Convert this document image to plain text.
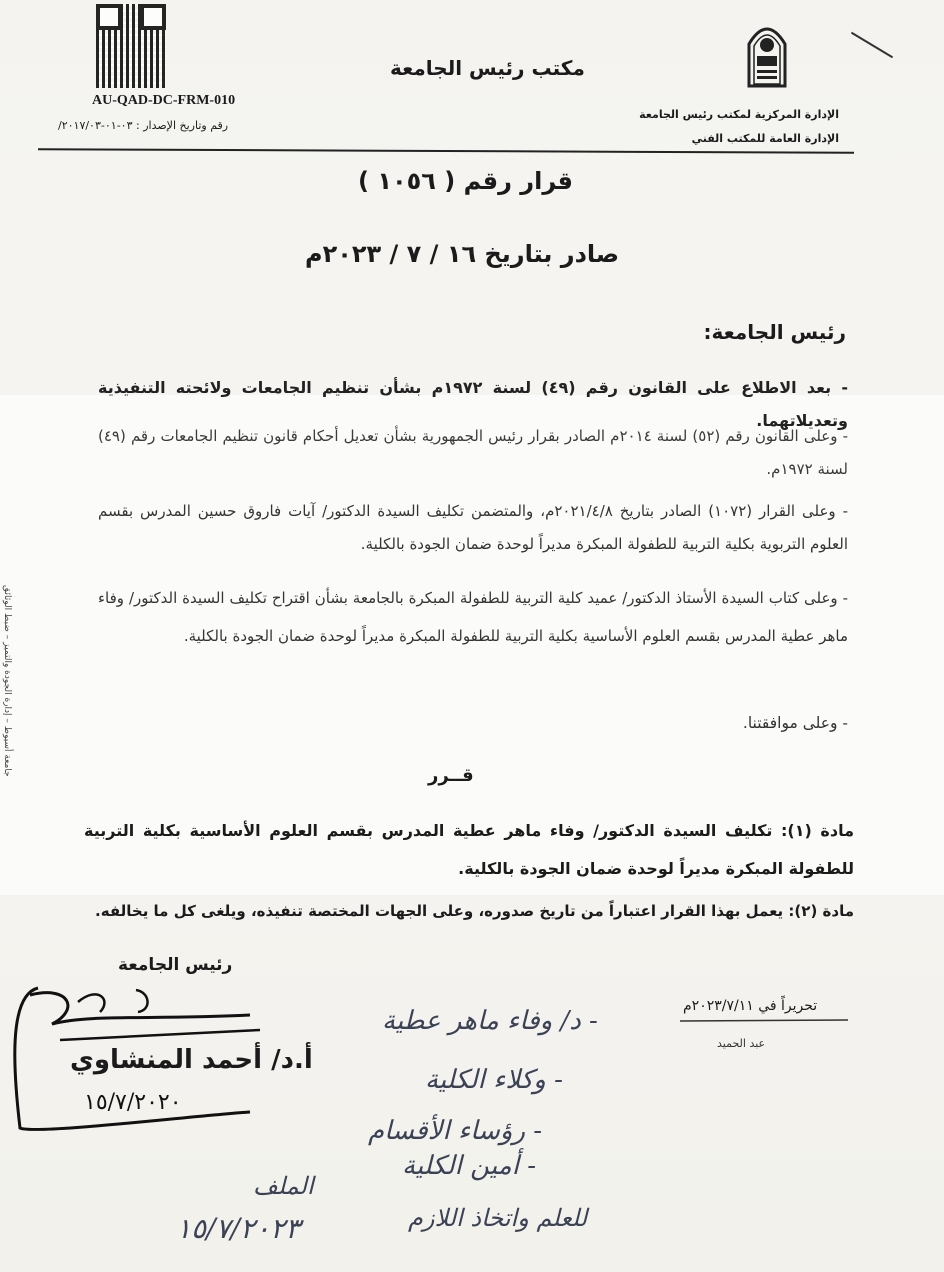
AU-QAD-DC-FRM-010
رقم وتاريخ الإصدار : ٠٣-٠١-٢٠١٧/٠٣/
مكتب رئيس الجامعة
الإدارة المركزية لمكتب رئيس الجامعة
الإدارة العامة للمكتب الفني
قرار رقم ( ١٠٥٦ )
صادر بتاريخ ١٦ / ٧ / ٢٠٢٣م
رئيس الجامعة:
- بعد الاطلاع على القانون رقم (٤٩) لسنة ١٩٧٢م بشأن تنظيم الجامعات ولائحته التنفيذية وتعديلاتهما.
- وعلى القانون رقم (٥٢) لسنة ٢٠١٤م الصادر بقرار رئيس الجمهورية بشأن تعديل أحكام قانون تنظيم الجامعات رقم (٤٩) لسنة ١٩٧٢م.
- وعلى القرار (١٠٧٢) الصادر بتاريخ ٢٠٢١/٤/٨م، والمتضمن تكليف السيدة الدكتور/ آيات فاروق حسين المدرس بقسم العلوم التربوية بكلية التربية للطفولة المبكرة مديراً لوحدة ضمان الجودة بالكلية.
- وعلى كتاب السيدة الأستاذ الدكتور/ عميد كلية التربية للطفولة المبكرة بالجامعة بشأن اقتراح تكليف السيدة الدكتور/ وفاء ماهر عطية المدرس بقسم العلوم الأساسية بكلية التربية للطفولة المبكرة مديراً لوحدة ضمان الجودة بالكلية.
- وعلى موافقتنا.
قــرر
مادة (١): تكليف السيدة الدكتور/ وفاء ماهر عطية المدرس بقسم العلوم الأساسية بكلية التربية للطفولة المبكرة مديراً لوحدة ضمان الجودة بالكلية.
مادة (٢): يعمل بهذا القرار اعتباراً من تاريخ صدوره، وعلى الجهات المختصة تنفيذه، ويلغى كل ما يخالفه.
رئيس الجامعة
أ.د/ أحمد المنشاوي
١٥/٧/٢٠٢٠
تحريراً في ٢٠٢٣/٧/١١م
عبد الحميد
جامعة أسيوط – إدارة الجودة والتميز – ضبط الوثائق
- د/ وفاء ماهر عطية
- وكلاء الكلية
- رؤساء الأقسام
- أمين الكلية
الملف
للعلم واتخاذ اللازم
١٥/٧/٢٠٢٣
